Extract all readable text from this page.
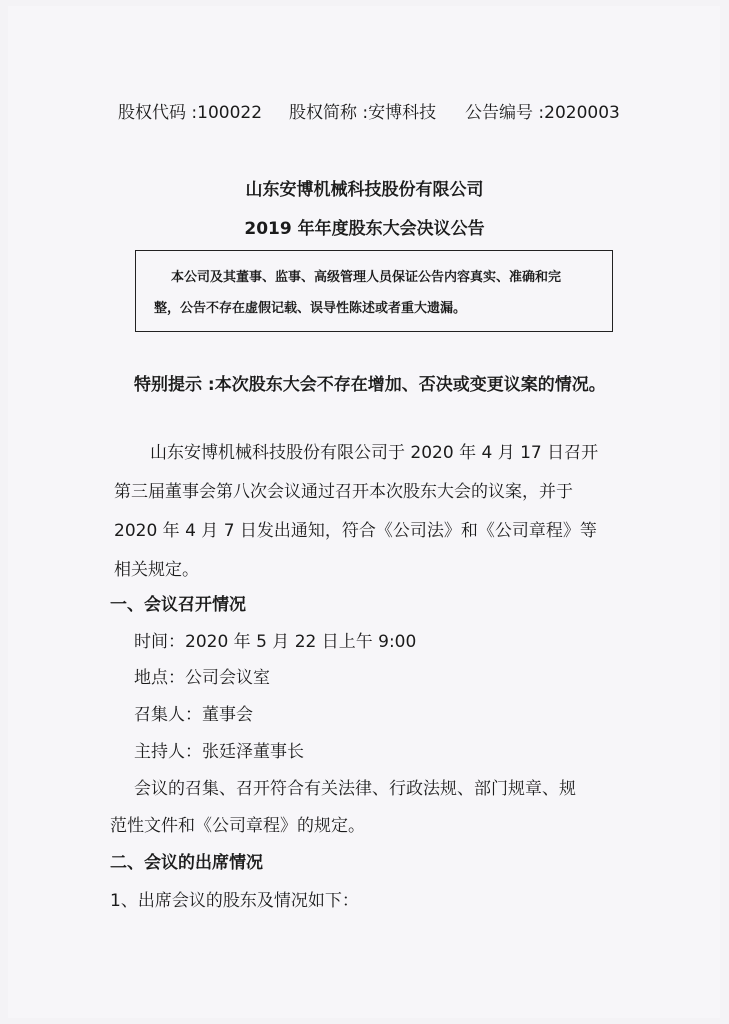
股权代码 :100022 股权简称 :安博科技 公告编号 :2020003
山东安博机械科技股份有限公司
2019 年年度股东大会决议公告
本公司及其董事、监事、高级管理人员保证公告内容真实、准确和完
整，公告不存在虚假记载、误导性陈述或者重大遗漏。
特别提示 :本次股东大会不存在增加、否决或变更议案的情况。
山东安博机械科技股份有限公司于 2020 年 4 月 17 日召开
第三届董事会第八次会议通过召开本次股东大会的议案，并于
2020 年 4 月 7 日发出通知，符合《公司法》和《公司章程》等
相关规定。
一、会议召开情况
时间：2020 年 5 月 22 日上午 9:00
地点：公司会议室
召集人：董事会
主持人：张廷泽董事长
会议的召集、召开符合有关法律、行政法规、部门规章、规
范性文件和《公司章程》的规定。
二、会议的出席情况
1、出席会议的股东及情况如下：
